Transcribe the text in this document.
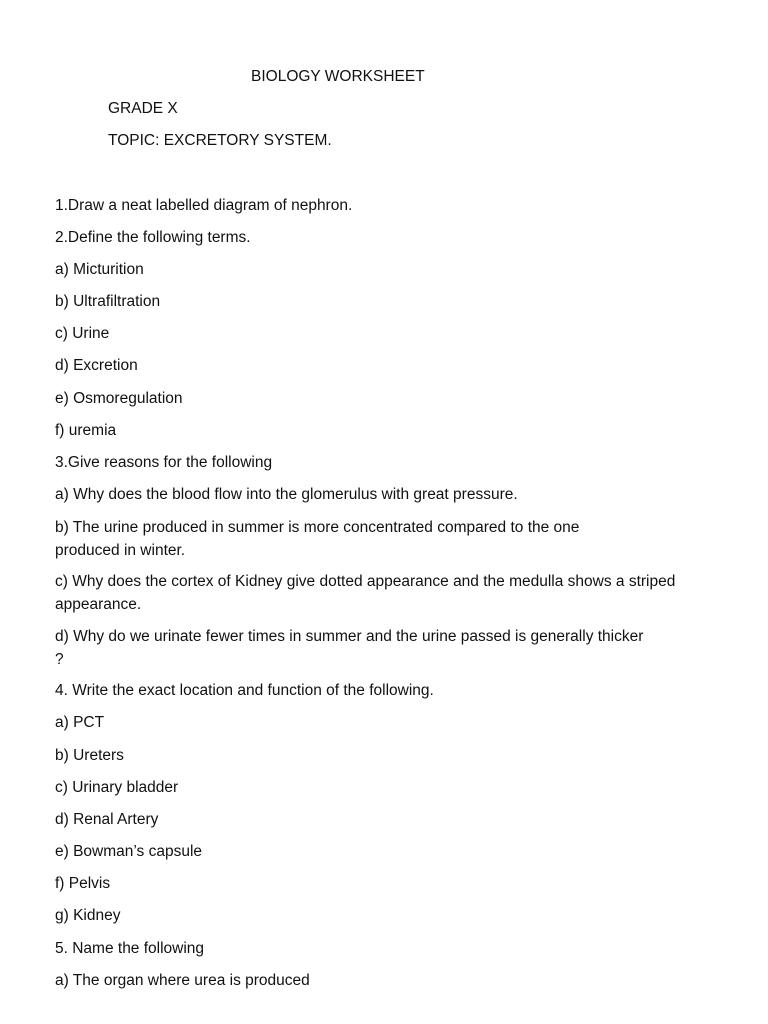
BIOLOGY WORKSHEET

GRADE X

TOPIC: EXCRETORY SYSTEM.

1.Draw a neat labelled diagram of nephron.

2.Define the following terms.

a) Micturition

b) Ultrafiltration

c) Urine

d) Excretion

e) Osmoregulation

f) uremia

3.Give reasons for the following

a) Why does the blood flow into the glomerulus with great pressure.

b) The urine produced in summer is more concentrated compared to the one produced in winter.

c) Why does the cortex of Kidney give dotted appearance and the medulla shows a striped appearance.

d) Why do we urinate fewer times in summer and the urine passed is generally thicker ?

4. Write the exact location and function of the following.

a) PCT

b) Ureters

c) Urinary bladder

d) Renal Artery

e) Bowman’s capsule

f) Pelvis

g) Kidney

5. Name the following

a) The organ where urea is produced
